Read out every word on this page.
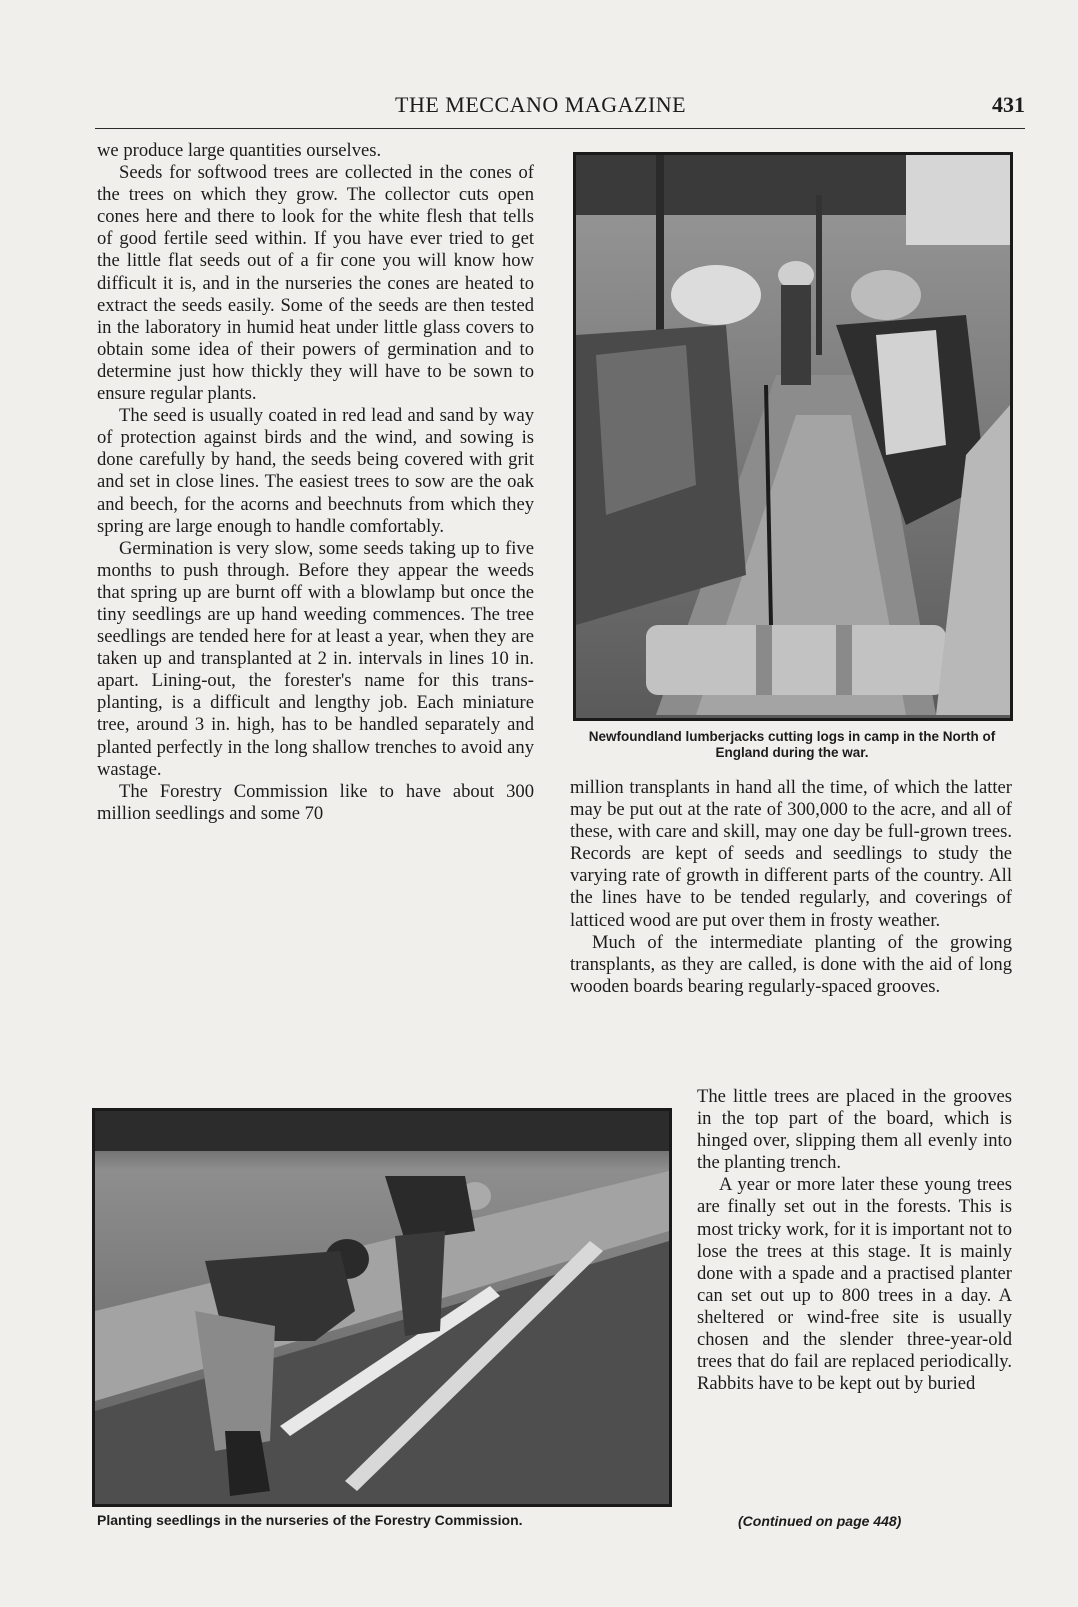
THE MECCANO MAGAZINE	431

we produce large quantities ourselves.

Seeds for softwood trees are collected in the cones of the trees on which they grow. The collector cuts open cones here and there to look for the white flesh that tells of good fertile seed within. If you have ever tried to get the little flat seeds out of a fir cone you will know how difficult it is, and in the nurseries the cones are heated to extract the seeds easily. Some of the seeds are then tested in the laboratory in humid heat under little glass covers to obtain some idea of their powers of germination and to determine just how thickly they will have to be sown to ensure regular plants.

The seed is usually coated in red lead and sand by way of protection against birds and the wind, and sowing is done carefully by hand, the seeds being covered with grit and set in close lines. The easiest trees to sow are the oak and beech, for the acorns and beechnuts from which they spring are large enough to handle comfortably.

Germination is very slow, some seeds taking up to five months to push through. Before they appear the weeds that spring up are burnt off with a blowlamp but once the tiny seedlings are up hand weeding commences. The tree seedlings are tended here for at least a year, when they are taken up and transplanted at 2 in. intervals in lines 10 in. apart. Lining-out, the forester's name for this trans-planting, is a difficult and lengthy job. Each miniature tree, around 3 in. high, has to be handled separately and planted perfectly in the long shallow trenches to avoid any wastage.

The Forestry Commission like to have about 300 million seedlings and some 70

Newfoundland lumberjacks cutting logs in camp in the North of England during the war.

million transplants in hand all the time, of which the latter may be put out at the rate of 300,000 to the acre, and all of these, with care and skill, may one day be full-grown trees. Records are kept of seeds and seedlings to study the varying rate of growth in different parts of the country. All the lines have to be tended regularly, and coverings of latticed wood are put over them in frosty weather.

Much of the intermediate planting of the growing transplants, as they are called, is done with the aid of long wooden boards bearing regularly-spaced grooves.

The little trees are placed in the grooves in the top part of the board, which is hinged over, slipping them all evenly into the planting trench.

A year or more later these young trees are finally set out in the forests. This is most tricky work, for it is important not to lose the trees at this stage. It is mainly done with a spade and a practised planter can set out up to 800 trees in a day. A sheltered or wind-free site is usually chosen and the slender three-year-old trees that do fail are replaced periodically. Rabbits have to be kept out by buried

Planting seedlings in the nurseries of the Forestry Commission.	(Continued on page 448)
